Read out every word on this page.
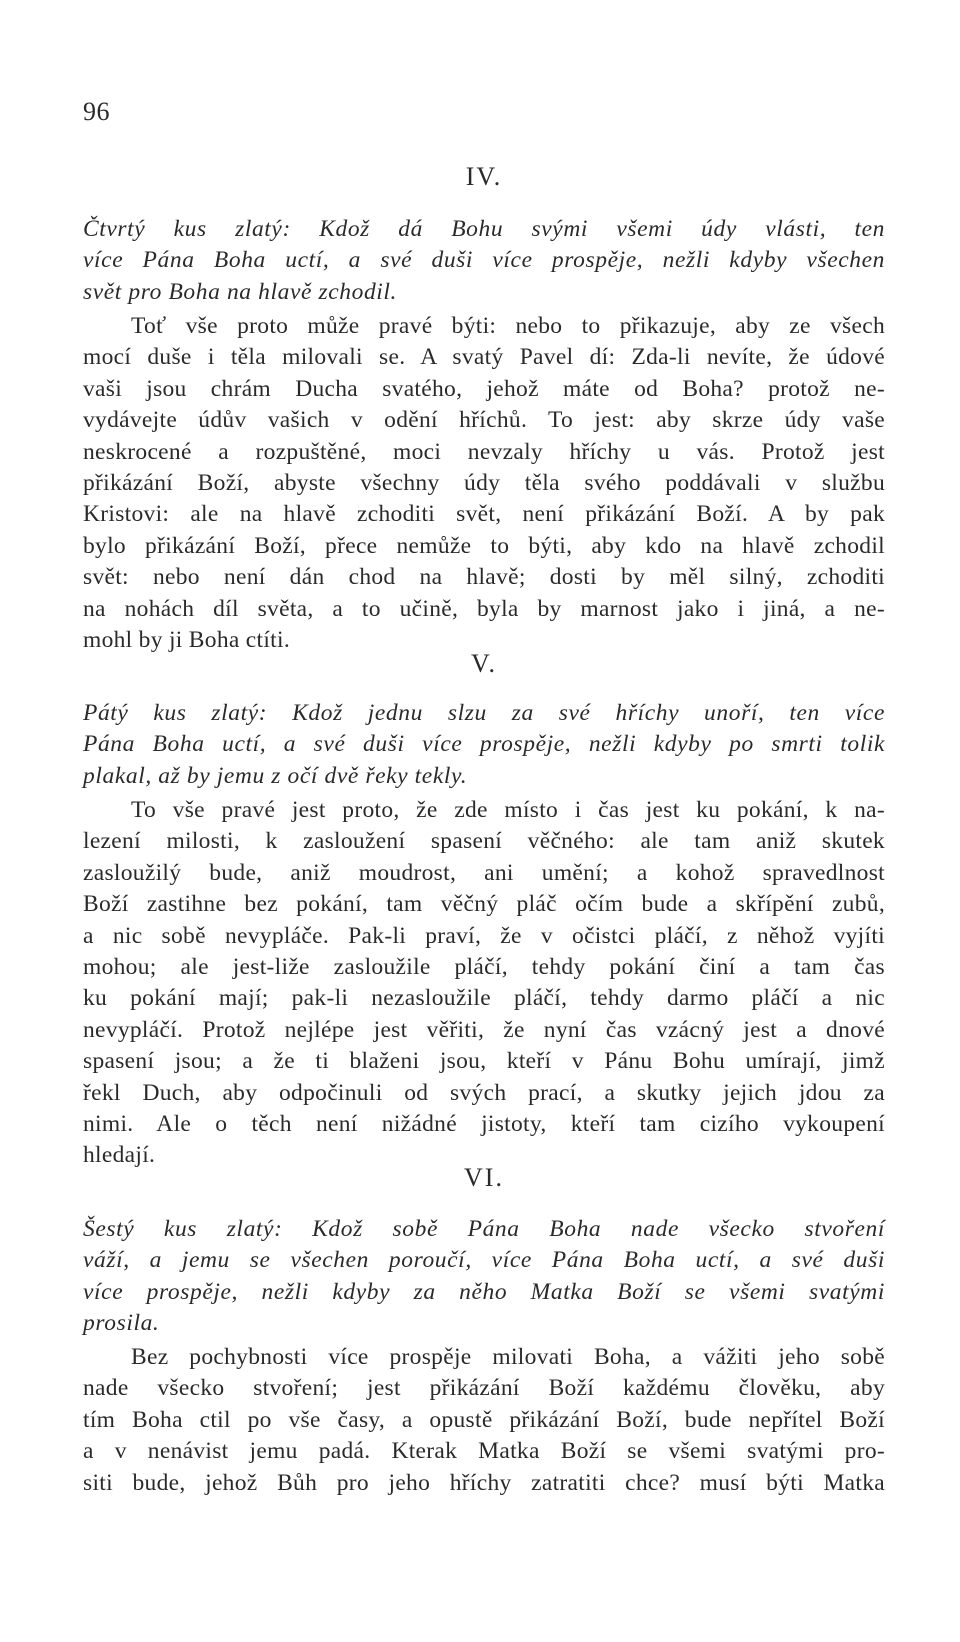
96
IV.
Čtvrtý kus zlatý: Kdož dá Bohu svými všemi údy vlásti, ten
více Pána Boha uctí, a své duši více prospěje, nežli kdyby všechen
svět pro Boha na hlavě zchodil.
Toť vše proto může pravé býti: nebo to přikazuje, aby ze všech
mocí duše i těla milovali se. A svatý Pavel dí: Zda-li nevíte, že údové
vaši jsou chrám Ducha svatého, jehož máte od Boha? protož ne-
vydávejte údův vašich v odění hříchů. To jest: aby skrze údy vaše
neskrocené a rozpuštěné, moci nevzaly hříchy u vás. Protož jest
přikázání Boží, abyste všechny údy těla svého poddávali v službu
Kristovi: ale na hlavě zchoditi svět, není přikázání Boží. A by pak
bylo přikázání Boží, přece nemůže to býti, aby kdo na hlavě zchodil
svět: nebo není dán chod na hlavě; dosti by měl silný, zchoditi
na nohách díl světa, a to učině, byla by marnost jako i jiná, a ne-
mohl by ji Boha ctíti.
V.
Pátý kus zlatý: Kdož jednu slzu za své hříchy unoří, ten více
Pána Boha uctí, a své duši více prospěje, nežli kdyby po smrti tolik
plakal, až by jemu z očí dvě řeky tekly.
To vše pravé jest proto, že zde místo i čas jest ku pokání, k na-
lezení milosti, k zasloužení spasení věčného: ale tam aniž skutek
zasloužilý bude, aniž moudrost, ani umění; a kohož spravedlnost
Boží zastihne bez pokání, tam věčný pláč očím bude a skřípění zubů,
a nic sobě nevypláče. Pak-li praví, že v očistci pláčí, z něhož vyjíti
mohou; ale jest-liže zasloužile pláčí, tehdy pokání činí a tam čas
ku pokání mají; pak-li nezasloužile pláčí, tehdy darmo pláčí a nic
nevypláčí. Protož nejlépe jest věřiti, že nyní čas vzácný jest a dnové
spasení jsou; a že ti blaženi jsou, kteří v Pánu Bohu umírají, jimž
řekl Duch, aby odpočinuli od svých prací, a skutky jejich jdou za
nimi. Ale o těch není nižádné jistoty, kteří tam cizího vykoupení
hledají.
VI.
Šestý kus zlatý: Kdož sobě Pána Boha nade všecko stvoření
váží, a jemu se všechen poroučí, více Pána Boha uctí, a své duši
více prospěje, nežli kdyby za něho Matka Boží se všemi svatými
prosila.
Bez pochybnosti více prospěje milovati Boha, a vážiti jeho sobě
nade všecko stvoření; jest přikázání Boží každému člověku, aby
tím Boha ctil po vše časy, a opustě přikázání Boží, bude nepřítel Boží
a v nenávist jemu padá. Kterak Matka Boží se všemi svatými pro-
siti bude, jehož Bůh pro jeho hříchy zatratiti chce? musí býti Matka
